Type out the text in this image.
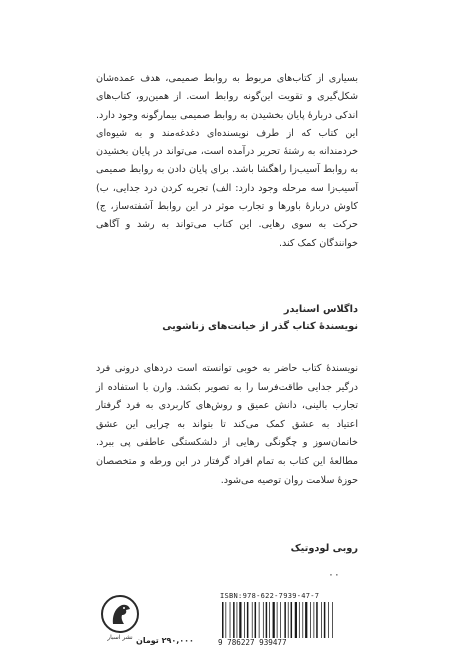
بسیاری از کتاب‌های مربوط به روابط صمیمی، هدف عمده‌شان شکل‌گیری و تقویت این‌گونه روابط است. از همین‌رو، کتاب‌های اندکی دربارهٔ پایان بخشیدن به روابط صمیمی بیمارگونه وجود دارد. این کتاب که از طرف نویسنده‌ای دغدغه‌مند و به شیوه‌ای خردمندانه به رشتهٔ تحریر درآمده است، می‌تواند در پایان بخشیدن به روابط آسیب‌زا راهگشا باشد. برای پایان دادن به روابط صمیمی آسیب‌زا سه مرحله وجود دارد: الف) تجربه کردن درد جدایی، ب) کاوش دربارهٔ باورها و تجارب موثر در این روابط آشفته‌ساز، ج) حرکت به سوی رهایی. این کتاب می‌تواند به رشد و آگاهی خوانندگان کمک کند.
داگلاس اسنایدر
نویسندهٔ کتاب گذر از خیانت‌های زناشویی
نویسندهٔ کتاب حاضر به خوبی توانسته است دردهای درونی فرد درگیر جدایی طاقت‌فرسا را به تصویر بکشد. وارن با استفاده از تجارب بالینی، دانش عمیق و روش‌های کاربردی به فرد گرفتار اعتیاد به عشق کمک می‌کند تا بتواند به چرایی این عشق خانمان‌سوز و چگونگی رهایی از دلشکستگی عاطفی پی ببرد. مطالعهٔ این کتاب به تمام افراد گرفتار در این ورطه و متخصصان حوزهٔ سلامت روان توصیه می‌شود.
روبی لودوتیک
۰۰
نشر اسبار ۲۹۰,۰۰۰ تومان
ISBN:978-622-7939-47-7
9 786227 939477
